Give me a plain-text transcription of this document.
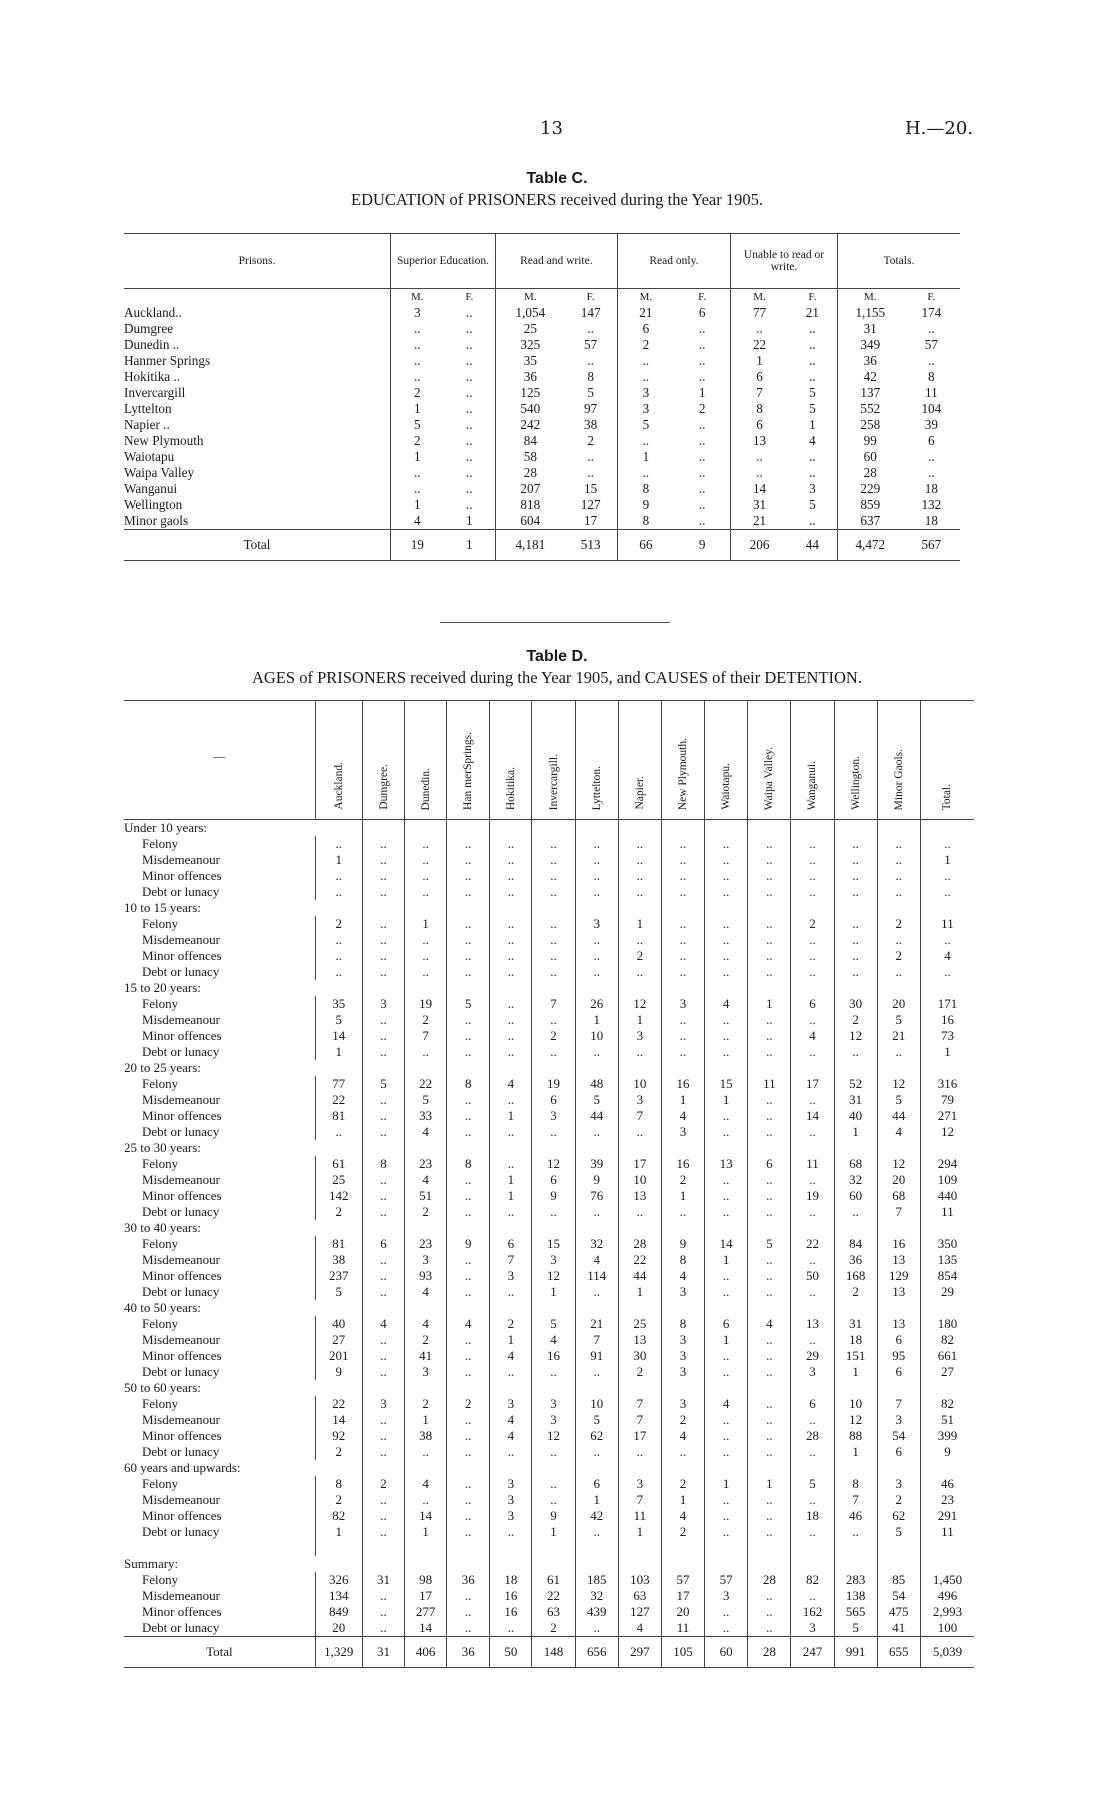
13	H.—20.
Table C.
EDUCATION of PRISONERS received during the Year 1905.
Prisons.	Superior Education.		Read and write.		Read only.		Unable to read or write.		Totals.	
	M.	F.	M.	F.	M.	F.	M.	F.	M.	F.
Auckland..	3	..	1,054	147	21	6	77	21	1,155	174
Dumgree	..	..	25	..	6	..	..	..	31	..
Dunedin ..	..	..	325	57	2	..	22	..	349	57
Hanmer Springs	..	..	35	..	..	..	1	..	36	..
Hokitika ..	..	..	36	8	..	..	6	..	42	8
Invercargill	2	..	125	5	3	1	7	5	137	11
Lyttelton	1	..	540	97	3	2	8	5	552	104
Napier ..	5	..	242	38	5	..	6	1	258	39
New Plymouth	2	..	84	2	..	..	13	4	99	6
Waiotapu	1	..	58	..	1	..	..	..	60	..
Waipa Valley	..	..	28	..	..	..	..	..	28	..
Wanganui	..	..	207	15	8	..	14	3	229	18
Wellington	1	..	818	127	9	..	31	5	859	132
Minor gaols	4	1	604	17	8	..	21	..	637	18
Total	19	1	4,181	513	66	9	206	44	4,472	567
Table D.
AGES of PRISONERS received during the Year 1905, and CAUSES of their DETENTION.
—	Auckland.	Dumgree.	Dunedin.	Han merSprings.	Hokitika.	Invercargill.	Lyttelton.	Napier.	New Plymouth.	Waiotapu.	Waipa Valley.	Wanganui.	Wellington.	Minor Gaols.	Total.
Under 10 years:															
Felony	..	..	..	..	..	..	..	..	..	..	..	..	..	..	..
Misdemeanour	1	..	..	..	..	..	..	..	..	..	..	..	..	..	1
Minor offences	..	..	..	..	..	..	..	..	..	..	..	..	..	..	..
Debt or lunacy	..	..	..	..	..	..	..	..	..	..	..	..	..	..	..
10 to 15 years:															
Felony	2	..	1	..	..	..	3	1	..	..	..	2	..	2	11
Misdemeanour	..	..	..	..	..	..	..	..	..	..	..	..	..	..	..
Minor offences	..	..	..	..	..	..	..	2	..	..	..	..	..	2	4
Debt or lunacy	..	..	..	..	..	..	..	..	..	..	..	..	..	..	..
15 to 20 years:															
Felony	35	3	19	5	..	7	26	12	3	4	1	6	30	20	171
Misdemeanour	5	..	2	..	..	..	1	1	..	..	..	..	2	5	16
Minor offences	14	..	7	..	..	2	10	3	..	..	..	4	12	21	73
Debt or lunacy	1	..	..	..	..	..	..	..	..	..	..	..	..	..	1
20 to 25 years:															
Felony	77	5	22	8	4	19	48	10	16	15	11	17	52	12	316
Misdemeanour	22	..	5	..	..	6	5	3	1	1	..	..	31	5	79
Minor offences	81	..	33	..	1	3	44	7	4	..	..	14	40	44	271
Debt or lunacy	..	..	4	..	..	..	..	..	3	..	..	..	1	4	12
25 to 30 years:															
Felony	61	8	23	8	..	12	39	17	16	13	6	11	68	12	294
Misdemeanour	25	..	4	..	1	6	9	10	2	..	..	..	32	20	109
Minor offences	142	..	51	..	1	9	76	13	1	..	..	19	60	68	440
Debt or lunacy	2	..	2	..	..	..	..	..	..	..	..	..	..	7	11
30 to 40 years:															
Felony	81	6	23	9	6	15	32	28	9	14	5	22	84	16	350
Misdemeanour	38	..	3	..	7	3	4	22	8	1	..	..	36	13	135
Minor offences	237	..	93	..	3	12	114	44	4	..	..	50	168	129	854
Debt or lunacy	5	..	4	..	..	1	..	1	3	..	..	..	2	13	29
40 to 50 years:															
Felony	40	4	4	4	2	5	21	25	8	6	4	13	31	13	180
Misdemeanour	27	..	2	..	1	4	7	13	3	1	..	..	18	6	82
Minor offences	201	..	41	..	4	16	91	30	3	..	..	29	151	95	661
Debt or lunacy	9	..	3	..	..	..	..	2	3	..	..	3	1	6	27
50 to 60 years:															
Felony	22	3	2	2	3	3	10	7	3	4	..	6	10	7	82
Misdemeanour	14	..	1	..	4	3	5	7	2	..	..	..	12	3	51
Minor offences	92	..	38	..	4	12	62	17	4	..	..	28	88	54	399
Debt or lunacy	2	..	..	..	..	..	..	..	..	..	..	..	1	6	9
60 years and upwards:															
Felony	8	2	4	..	3	..	6	3	2	1	1	5	8	3	46
Misdemeanour	2	..	..	..	3	..	1	7	1	..	..	..	7	2	23
Minor offences	82	..	14	..	3	9	42	11	4	..	..	18	46	62	291
Debt or lunacy	1	..	1	..	..	1	..	1	2	..	..	..	..	5	11

Summary:															
Felony	326	31	98	36	18	61	185	103	57	57	28	82	283	85	1,450
Misdemeanour	134	..	17	..	16	22	32	63	17	3	..	..	138	54	496
Minor offences	849	..	277	..	16	63	439	127	20	..	..	162	565	475	2,993
Debt or lunacy	20	..	14	..	..	2	..	4	11	..	..	3	5	41	100
Total	1,329	31	406	36	50	148	656	297	105	60	28	247	991	655	5,039
